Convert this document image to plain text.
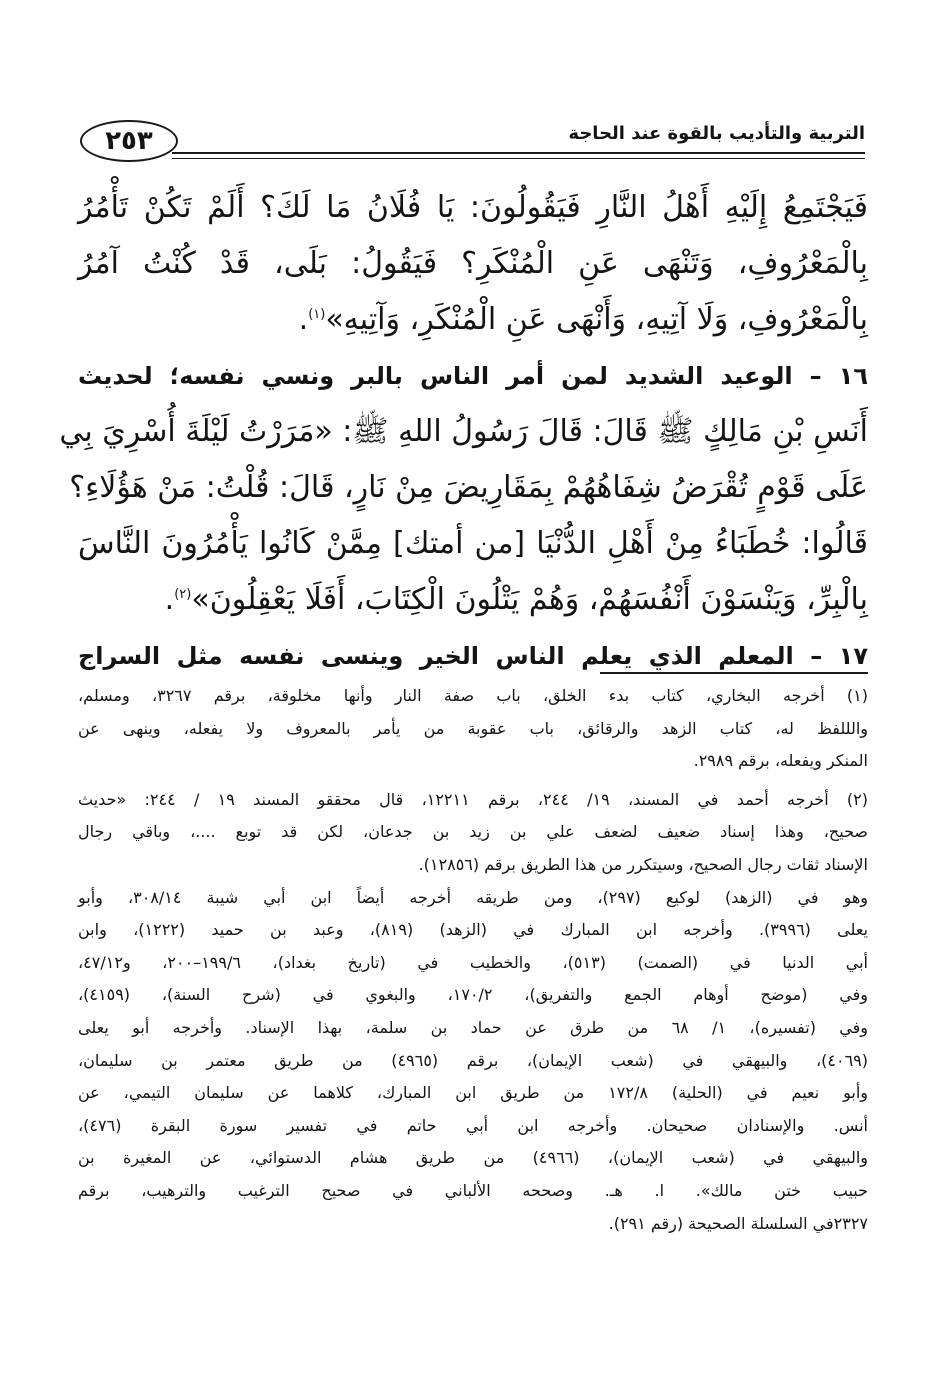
٢٥٣	التربية والتأديب بالقوة عند الحاجة
فَيَجْتَمِعُ إِلَيْهِ أَهْلُ النَّارِ فَيَقُولُونَ: يَا فُلَانُ مَا لَكَ؟ أَلَمْ تَكُنْ تَأْمُرُ
بِالْمَعْرُوفِ، وَتَنْهَى عَنِ الْمُنْكَرِ؟ فَيَقُولُ: بَلَى، قَدْ كُنْتُ آمُرُ
بِالْمَعْرُوفِ، وَلَا آتِيهِ، وَأَنْهَى عَنِ الْمُنْكَرِ، وَآتِيهِ»$^{(١)}$.
١٦ – الوعيد الشديد لمن أمر الناس بالبر ونسي نفسه؛ لحديث
أَنَسِ بْنِ مَالِكٍ ﷺ قَالَ: قَالَ رَسُولُ اللهِ ﷺ: «مَرَرْتُ لَيْلَةَ أُسْرِيَ بِي
عَلَى قَوْمٍ تُقْرَضُ شِفَاهُهُمْ بِمَقَارِيضَ مِنْ نَارٍ، قَالَ: قُلْتُ: مَنْ هَؤُلَاءِ؟
قَالُوا: خُطَبَاءُ مِنْ أَهْلِ الدُّنْيَا [من أمتك] مِمَّنْ كَانُوا يَأْمُرُونَ النَّاسَ
بِالْبِرِّ، وَيَنْسَوْنَ أَنْفُسَهُمْ، وَهُمْ يَتْلُونَ الْكِتَابَ، أَفَلَا يَعْقِلُونَ»$^{(٢)}$.
١٧ – المعلم الذي يعلم الناس الخير وينسى نفسه مثل السراج
(١) أخرجه البخاري، كتاب بدء الخلق، باب صفة النار وأنها مخلوقة، برقم ٣٢٦٧، ومسلم،
والللفظ له، كتاب الزهد والرقائق، باب عقوبة من يأمر بالمعروف ولا يفعله، وينهى عن
المنكر ويفعله، برقم ٢٩٨٩.
(٢) أخرجه أحمد في المسند، ١٩/ ٢٤٤، برقم ١٢٢١١، قال محققو المسند ١٩ / ٢٤٤: «حديث
صحيح، وهذا إسناد ضعيف لضعف علي بن زيد بن جدعان، لكن قد توبع ....، وباقي رجال
الإسناد ثقات رجال الصحيح، وسيتكرر من هذا الطريق برقم (١٢٨٥٦).
وهو في (الزهد) لوكيع (٢٩٧)، ومن طريقه أخرجه أيضاً ابن أبي شيبة ٣٠٨/١٤، وأبو
يعلى (٣٩٩٦). وأخرجه ابن المبارك في (الزهد) (٨١٩)، وعبد بن حميد (١٢٢٢)، وابن
أبي الدنيا في (الصمت) (٥١٣)، والخطيب في (تاريخ بغداد)، ١٩٩/٦–٢٠٠، و٤٧/١٢،
وفي (موضح أوهام الجمع والتفريق)، ١٧٠/٢، والبغوي في (شرح السنة)، (٤١٥٩)،
وفي (تفسيره)، ١/ ٦٨ من طرق عن حماد بن سلمة، بهذا الإسناد. وأخرجه أبو يعلى
(٤٠٦٩)، والبيهقي في (شعب الإيمان)، برقم (٤٩٦٥) من طريق معتمر بن سليمان،
وأبو نعيم في (الحلية) ١٧٢/٨ من طريق ابن المبارك، كلاهما عن سليمان التيمي، عن
أنس. والإسنادان صحيحان. وأخرجه ابن أبي حاتم في تفسير سورة البقرة (٤٧٦)،
والبيهقي في (شعب الإيمان)، (٤٩٦٦) من طريق هشام الدستوائي، عن المغيرة بن
حبيب ختن مالك». ا. هـ. وصححه الألباني في صحيح الترغيب والترهيب، برقم
٢٣٢٧في السلسلة الصحيحة (رقم ٢٩١).
